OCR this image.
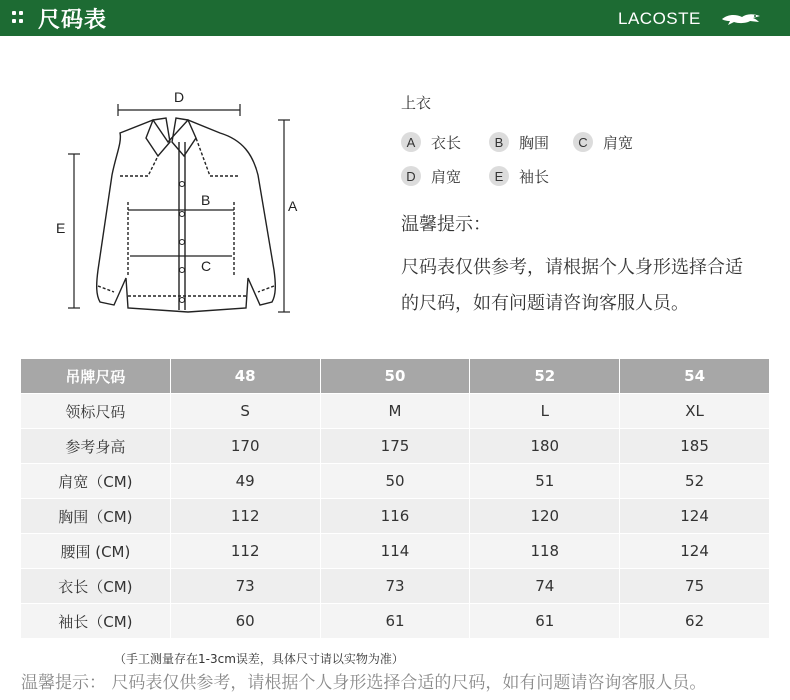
尺码表	LACOSTE
D
A
E
B
C
上衣
A	衣长	B	胸围	C	肩宽
D	肩宽	E	袖长
温馨提示：
尺码表仅供参考，请根据个人身形选择合适
的尺码，如有问题请咨询客服人员。
吊牌尺码	48	50	52	54
领标尺码	S	M	L	XL
参考身高	170	175	180	185
肩宽（CM)	49	50	51	52
胸围（CM)	112	116	120	124
腰围 (CM)	112	114	118	124
衣长（CM)	73	73	74	75
袖长（CM)	60	61	61	62
（手工测量存在1-3cm误差，具体尺寸请以实物为准）
温馨提示： 尺码表仅供参考，请根据个人身形选择合适的尺码，如有问题请咨询客服人员。
